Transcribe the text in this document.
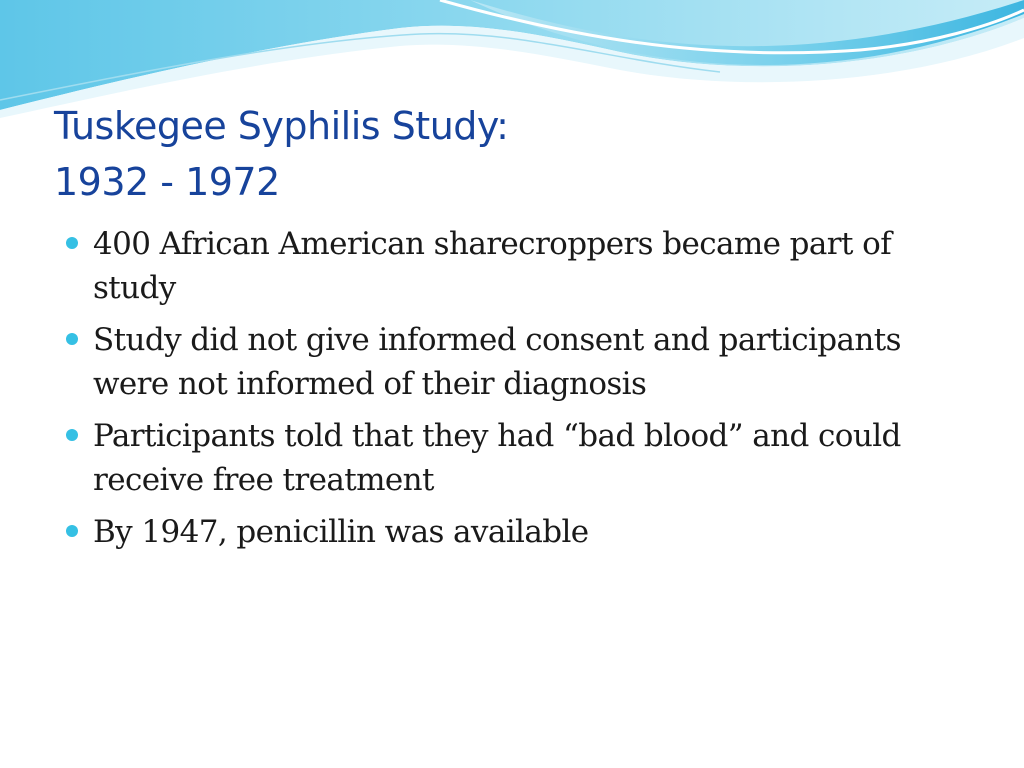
Tuskegee Syphilis Study:
1932 - 1972
400 African American sharecroppers became part of study
Study did not give informed consent and participants were not informed of their diagnosis
Participants told that they had “bad blood” and could receive free treatment
By 1947, penicillin was available
